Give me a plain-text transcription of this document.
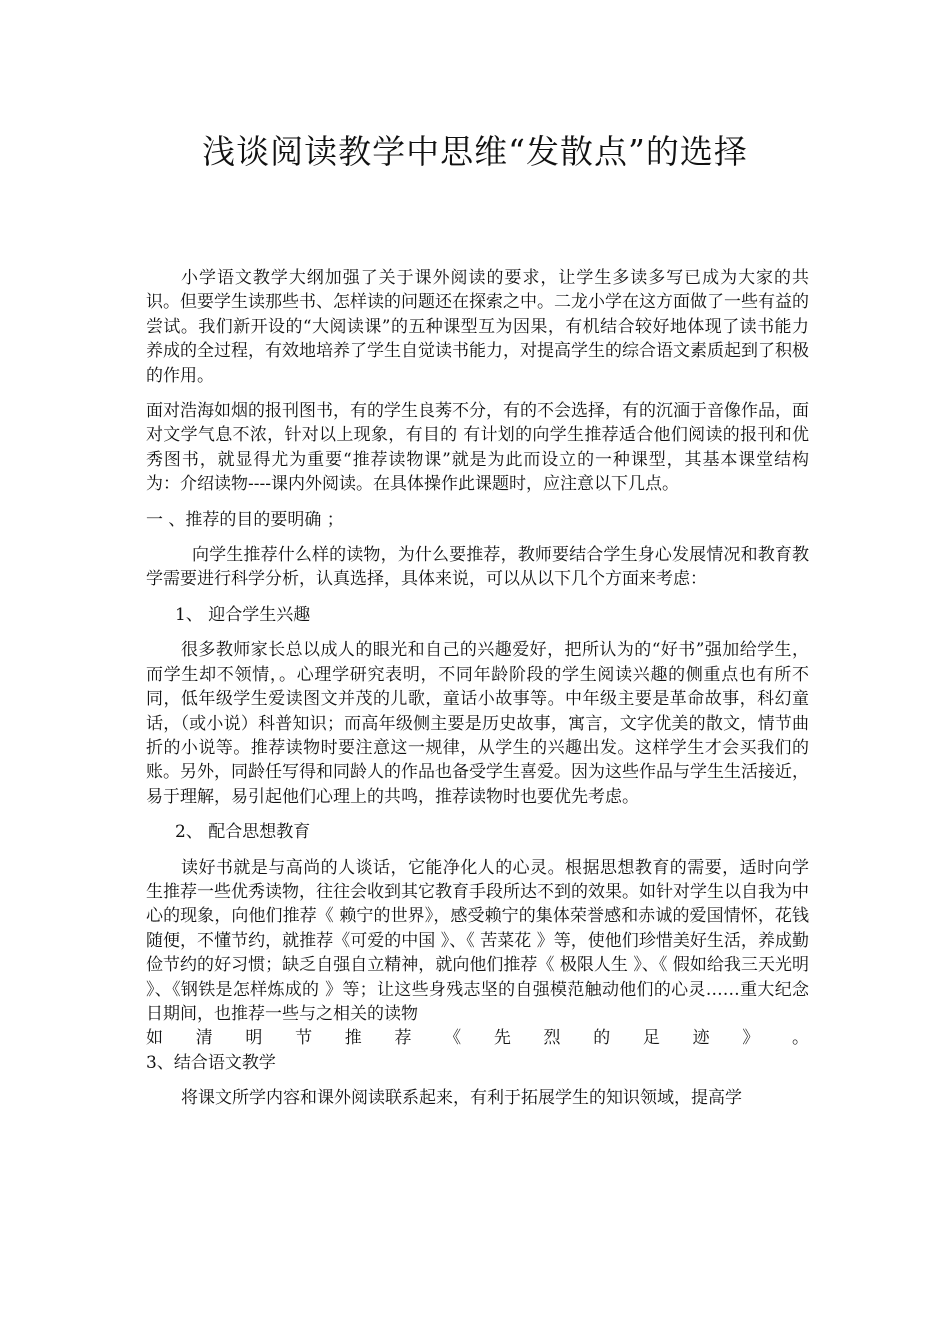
浅谈阅读教学中思维“发散点”的选择

小学语文教学大纲加强了关于课外阅读的要求，让学生多读多写已成为大家的共识。但要学生读那些书、怎样读的问题还在探索之中。二龙小学在这方面做了一些有益的尝试。我们新开设的“大阅读课”的五种课型互为因果，有机结合较好地体现了读书能力养成的全过程，有效地培养了学生自觉读书能力，对提高学生的综合语文素质起到了积极的作用。

面对浩海如烟的报刊图书，有的学生良莠不分，有的不会选择，有的沉湎于音像作品，面对文学气息不浓，针对以上现象，有目的 有计划的向学生推荐适合他们阅读的报刊和优秀图书，就显得尤为重要“推荐读物课”就是为此而设立的一种课型，其基本课堂结构为：介绍读物----课内外阅读。在具体操作此课题时，应注意以下几点。

一 、推荐的目的要明确 ；

向学生推荐什么样的读物，为什么要推荐，教师要结合学生身心发展情况和教育教学需要进行科学分析，认真选择，具体来说，可以从以下几个方面来考虑：

1、 迎合学生兴趣

很多教师家长总以成人的眼光和自己的兴趣爱好，把所认为的“好书”强加给学生，而学生却不领情，。心理学研究表明，不同年龄阶段的学生阅读兴趣的侧重点也有所不同，低年级学生爱读图文并茂的儿歌，童话小故事等。中年级主要是革命故事，科幻童话，（或小说）科普知识；而高年级侧主要是历史故事，寓言，文字优美的散文，情节曲折的小说等。推荐读物时要注意这一规律，从学生的兴趣出发。这样学生才会买我们的账。另外，同龄任写得和同龄人的作品也备受学生喜爱。因为这些作品与学生生活接近，易于理解，易引起他们心理上的共鸣，推荐读物时也要优先考虑。

2、 配合思想教育

读好书就是与高尚的人谈话，它能净化人的心灵。根据思想教育的需要，适时向学生推荐一些优秀读物，往往会收到其它教育手段所达不到的效果。如针对学生以自我为中心的现象，向他们推荐《 赖宁的世界》，感受赖宁的集体荣誉感和赤诚的爱国情怀，花钱随便，不懂节约，就推荐《可爱的中国 》、《 苦菜花 》等，使他们珍惜美好生活，养成勤俭节约的好习惯；缺乏自强自立精神，就向他们推荐《 极限人生 》、《 假如给我三天光明 》、《钢铁是怎样炼成的 》等；让这些身残志坚的自强模范触动他们的心灵……重大纪念日期间，也推荐一些与之相关的读物

如 清 明 节 推 荐 《 先 烈 的 足 迹 》 。

3、结合语文教学

将课文所学内容和课外阅读联系起来，有利于拓展学生的知识领域，提高学
